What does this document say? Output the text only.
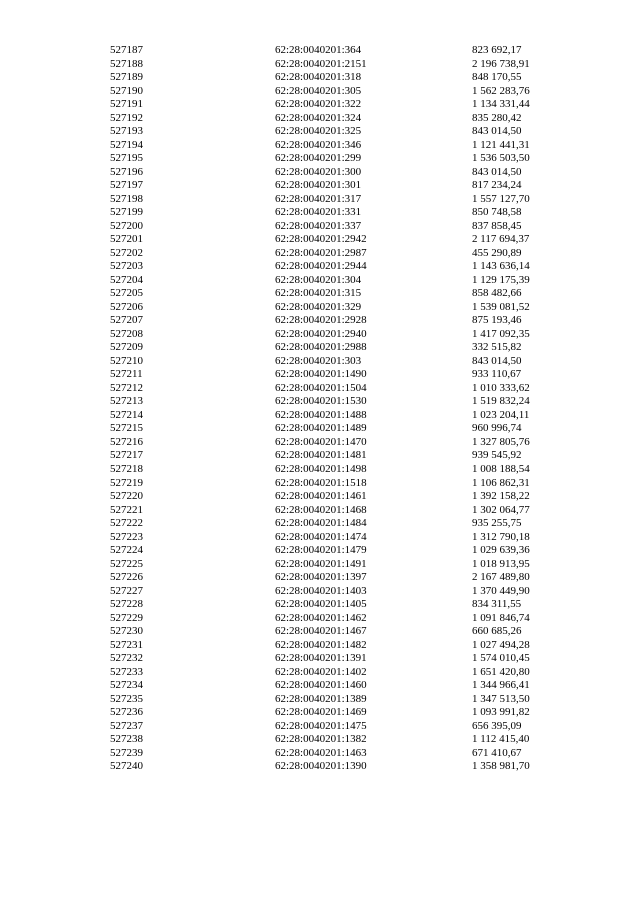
527187	62:28:0040201:364	823 692,17
527188	62:28:0040201:2151	2 196 738,91
527189	62:28:0040201:318	848 170,55
527190	62:28:0040201:305	1 562 283,76
527191	62:28:0040201:322	1 134 331,44
527192	62:28:0040201:324	835 280,42
527193	62:28:0040201:325	843 014,50
527194	62:28:0040201:346	1 121 441,31
527195	62:28:0040201:299	1 536 503,50
527196	62:28:0040201:300	843 014,50
527197	62:28:0040201:301	817 234,24
527198	62:28:0040201:317	1 557 127,70
527199	62:28:0040201:331	850 748,58
527200	62:28:0040201:337	837 858,45
527201	62:28:0040201:2942	2 117 694,37
527202	62:28:0040201:2987	455 290,89
527203	62:28:0040201:2944	1 143 636,14
527204	62:28:0040201:304	1 129 175,39
527205	62:28:0040201:315	858 482,66
527206	62:28:0040201:329	1 539 081,52
527207	62:28:0040201:2928	875 193,46
527208	62:28:0040201:2940	1 417 092,35
527209	62:28:0040201:2988	332 515,82
527210	62:28:0040201:303	843 014,50
527211	62:28:0040201:1490	933 110,67
527212	62:28:0040201:1504	1 010 333,62
527213	62:28:0040201:1530	1 519 832,24
527214	62:28:0040201:1488	1 023 204,11
527215	62:28:0040201:1489	960 996,74
527216	62:28:0040201:1470	1 327 805,76
527217	62:28:0040201:1481	939 545,92
527218	62:28:0040201:1498	1 008 188,54
527219	62:28:0040201:1518	1 106 862,31
527220	62:28:0040201:1461	1 392 158,22
527221	62:28:0040201:1468	1 302 064,77
527222	62:28:0040201:1484	935 255,75
527223	62:28:0040201:1474	1 312 790,18
527224	62:28:0040201:1479	1 029 639,36
527225	62:28:0040201:1491	1 018 913,95
527226	62:28:0040201:1397	2 167 489,80
527227	62:28:0040201:1403	1 370 449,90
527228	62:28:0040201:1405	834 311,55
527229	62:28:0040201:1462	1 091 846,74
527230	62:28:0040201:1467	660 685,26
527231	62:28:0040201:1482	1 027 494,28
527232	62:28:0040201:1391	1 574 010,45
527233	62:28:0040201:1402	1 651 420,80
527234	62:28:0040201:1460	1 344 966,41
527235	62:28:0040201:1389	1 347 513,50
527236	62:28:0040201:1469	1 093 991,82
527237	62:28:0040201:1475	656 395,09
527238	62:28:0040201:1382	1 112 415,40
527239	62:28:0040201:1463	671 410,67
527240	62:28:0040201:1390	1 358 981,70
